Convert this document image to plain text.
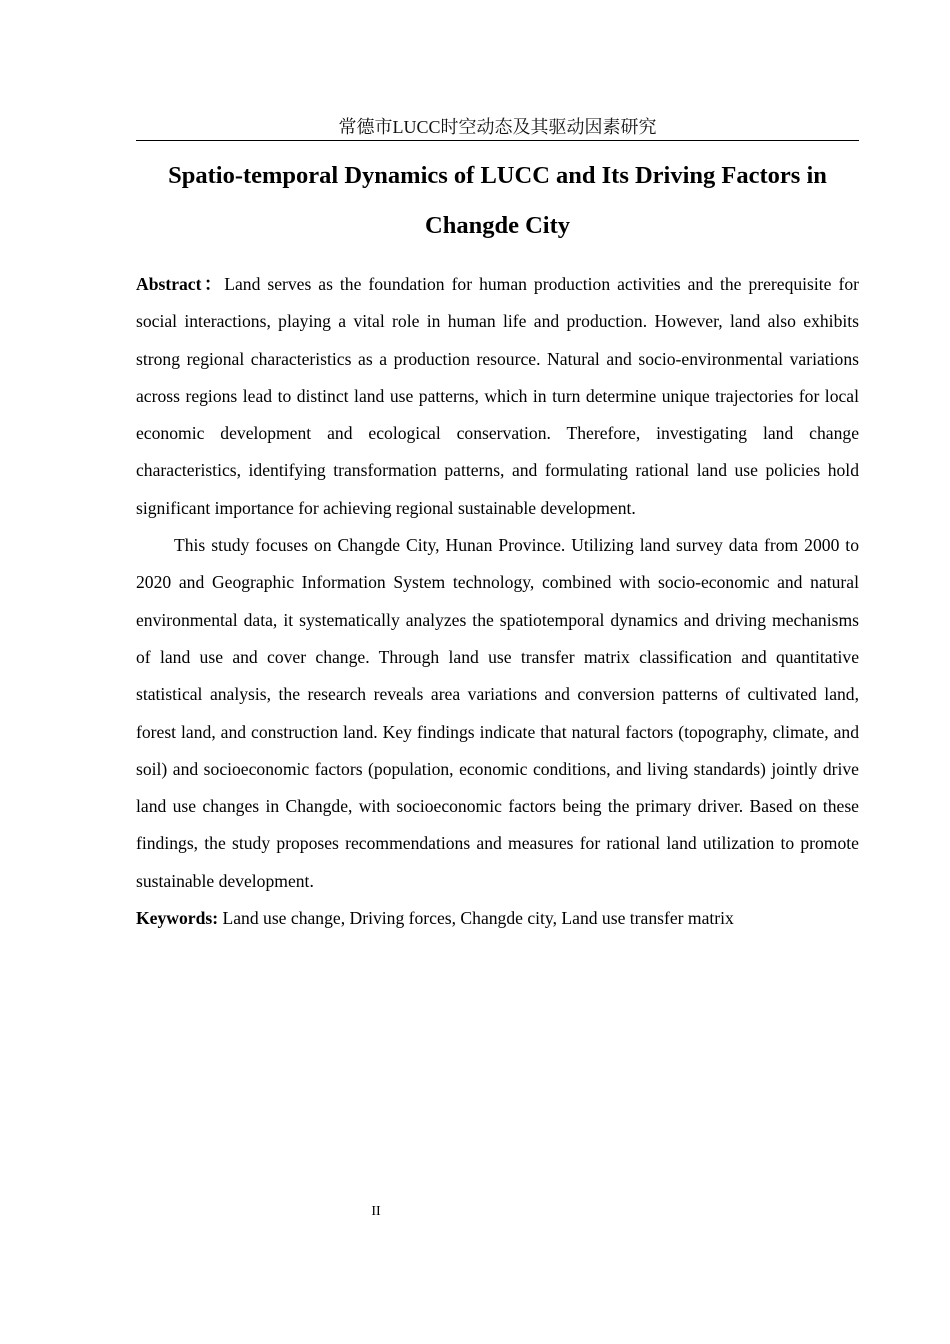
常德市LUCC时空动态及其驱动因素研究
Spatio-temporal Dynamics of LUCC and Its Driving Factors in
Changde City

Abstract：Land serves as the foundation for human production activities and the prerequisite for social interactions, playing a vital role in human life and production. However, land also exhibits strong regional characteristics as a production resource. Natural and socio-environmental variations across regions lead to distinct land use patterns, which in turn determine unique trajectories for local economic development and ecological conservation. Therefore, investigating land change characteristics, identifying transformation patterns, and formulating rational land use policies hold significant importance for achieving regional sustainable development.

This study focuses on Changde City, Hunan Province. Utilizing land survey data from 2000 to 2020 and Geographic Information System technology, combined with socio-economic and natural environmental data, it systematically analyzes the spatiotemporal dynamics and driving mechanisms of land use and cover change. Through land use transfer matrix classification and quantitative statistical analysis, the research reveals area variations and conversion patterns of cultivated land, forest land, and construction land. Key findings indicate that natural factors (topography, climate, and soil) and socioeconomic factors (population, economic conditions, and living standards) jointly drive land use changes in Changde, with socioeconomic factors being the primary driver. Based on these findings, the study proposes recommendations and measures for rational land utilization to promote sustainable development.

Keywords: Land use change, Driving forces, Changde city, Land use transfer matrix

II
